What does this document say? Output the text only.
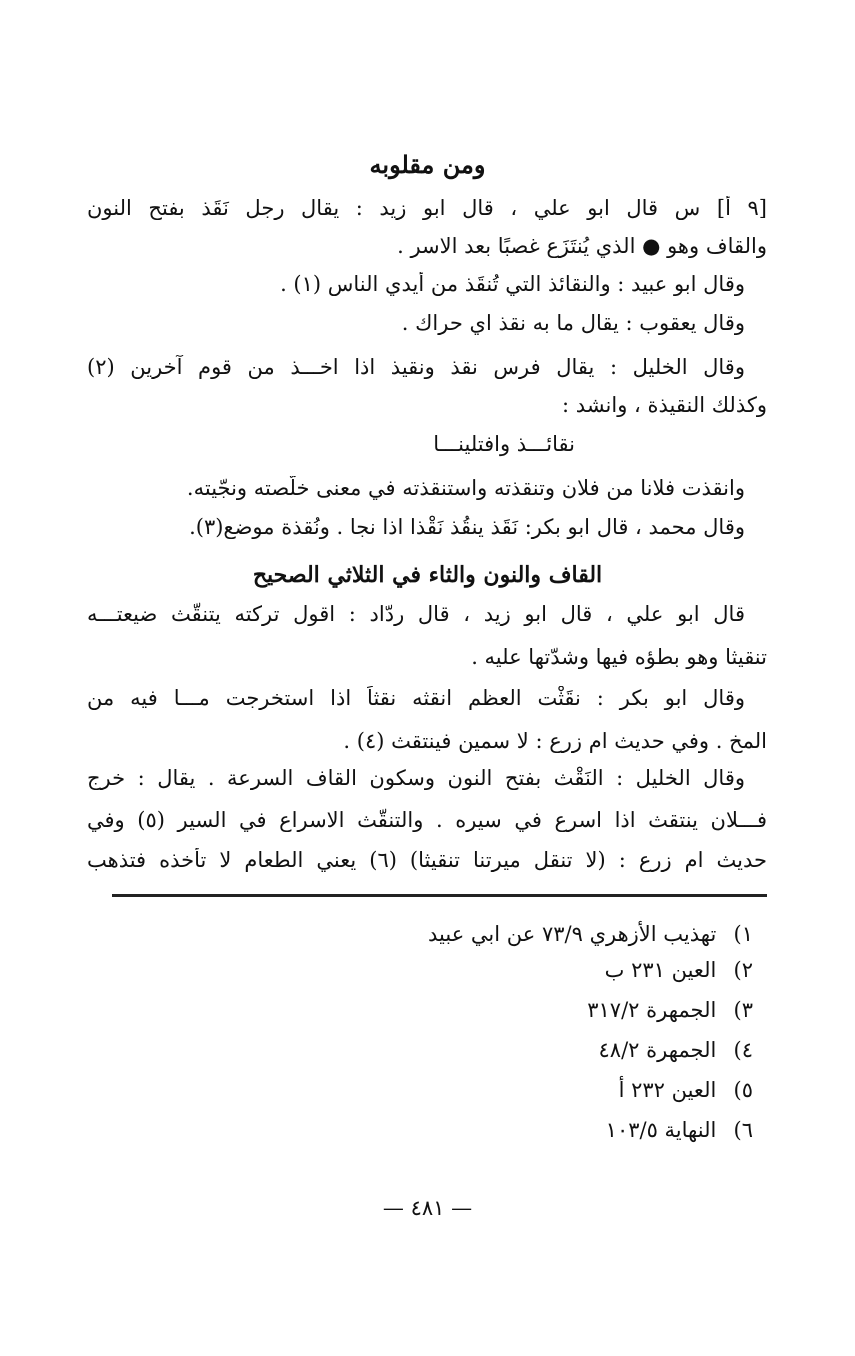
ومن مقلوبه
[٩ أ] س قال ابو علي ، قال ابو زيد : يقال رجل نَقَذ بفتح النون
والقاف وهو ● الذي يُنتَزَع غصبًا بعد الاسر .
وقال ابو عبيد : والنقائذ التي تُنقَذ من أيدي الناس (١) .
وقال يعقوب : يقال ما به نقذ اي حراك .
وقال الخليل : يقال فرس نقذ ونقيذ اذا اخـــذ من قوم آخرين (٢)
وكذلك النقيذة ، وانشد :
نقائـــذ وافتلينـــا
وانقذت فلانا من فلان وتنقذته واستنقذته في معنى خلّصته ونجّيته.
وقال محمد ، قال ابو بكر: نَقَذ ينقُذ نَقْذا اذا نجا . ونُقذة موضع(٣).
القاف والنون والثاء في الثلاثي الصحيح
قال ابو علي ، قال ابو زيد ، قال ردّاد : اقول تركته يتنقّث ضيعتـــه
تنقيثا وهو بطؤه فيها وشدّتها عليه .
وقال ابو بكر : نقَثْت العظم انقثه نقثاً اذا استخرجت مـــا فيه من
المخ . وفي حديث ام زرع : لا سمين فينتقث (٤) .
وقال الخليل : النَقْث بفتح النون وسكون القاف السرعة . يقال : خرج
فـــلان ينتقث اذا اسرع في سيره . والتنقّث الاسراع في السير (٥) وفي
حديث ام زرع : (لا تنقل ميرتنا تنقيثا) (٦) يعني الطعام لا تأخذه فتذهب
١) تهذيب الأزهري ٧٣/٩ عن ابي عبيد
٢) العين ٢٣١ ب
٣) الجمهرة ٣١٧/٢
٤) الجمهرة ٤٨/٢
٥) العين ٢٣٢ أ
٦) النهاية ١٠٣/٥
— ٤٨١ —
